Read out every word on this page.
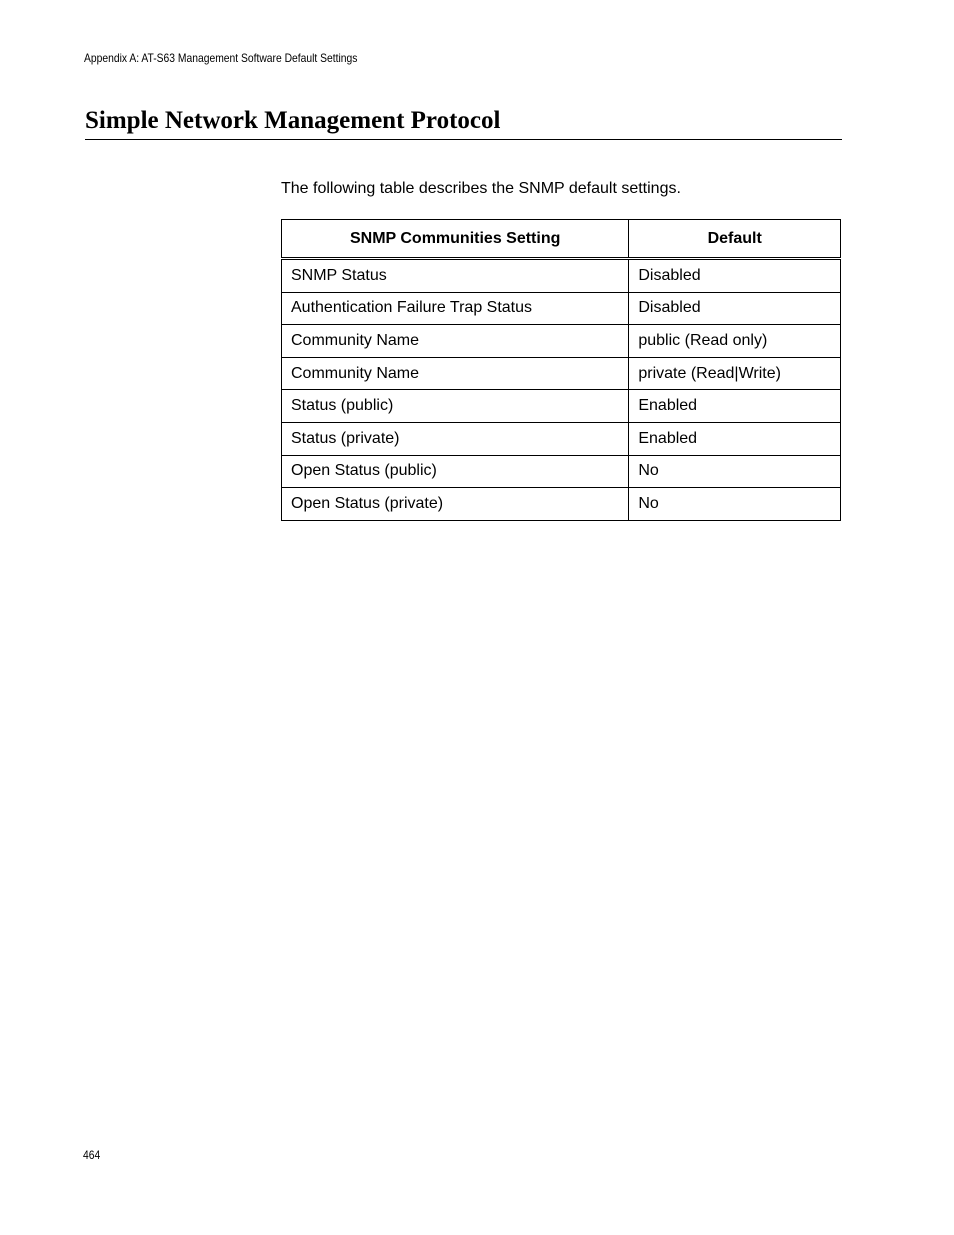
Appendix A: AT-S63 Management Software Default Settings
Simple Network Management Protocol

The following table describes the SNMP default settings.

SNMP Communities Setting	Default
SNMP Status	Disabled
Authentication Failure Trap Status	Disabled
Community Name	public (Read only)
Community Name	private (Read|Write)
Status (public)	Enabled
Status (private)	Enabled
Open Status (public)	No
Open Status (private)	No
464
